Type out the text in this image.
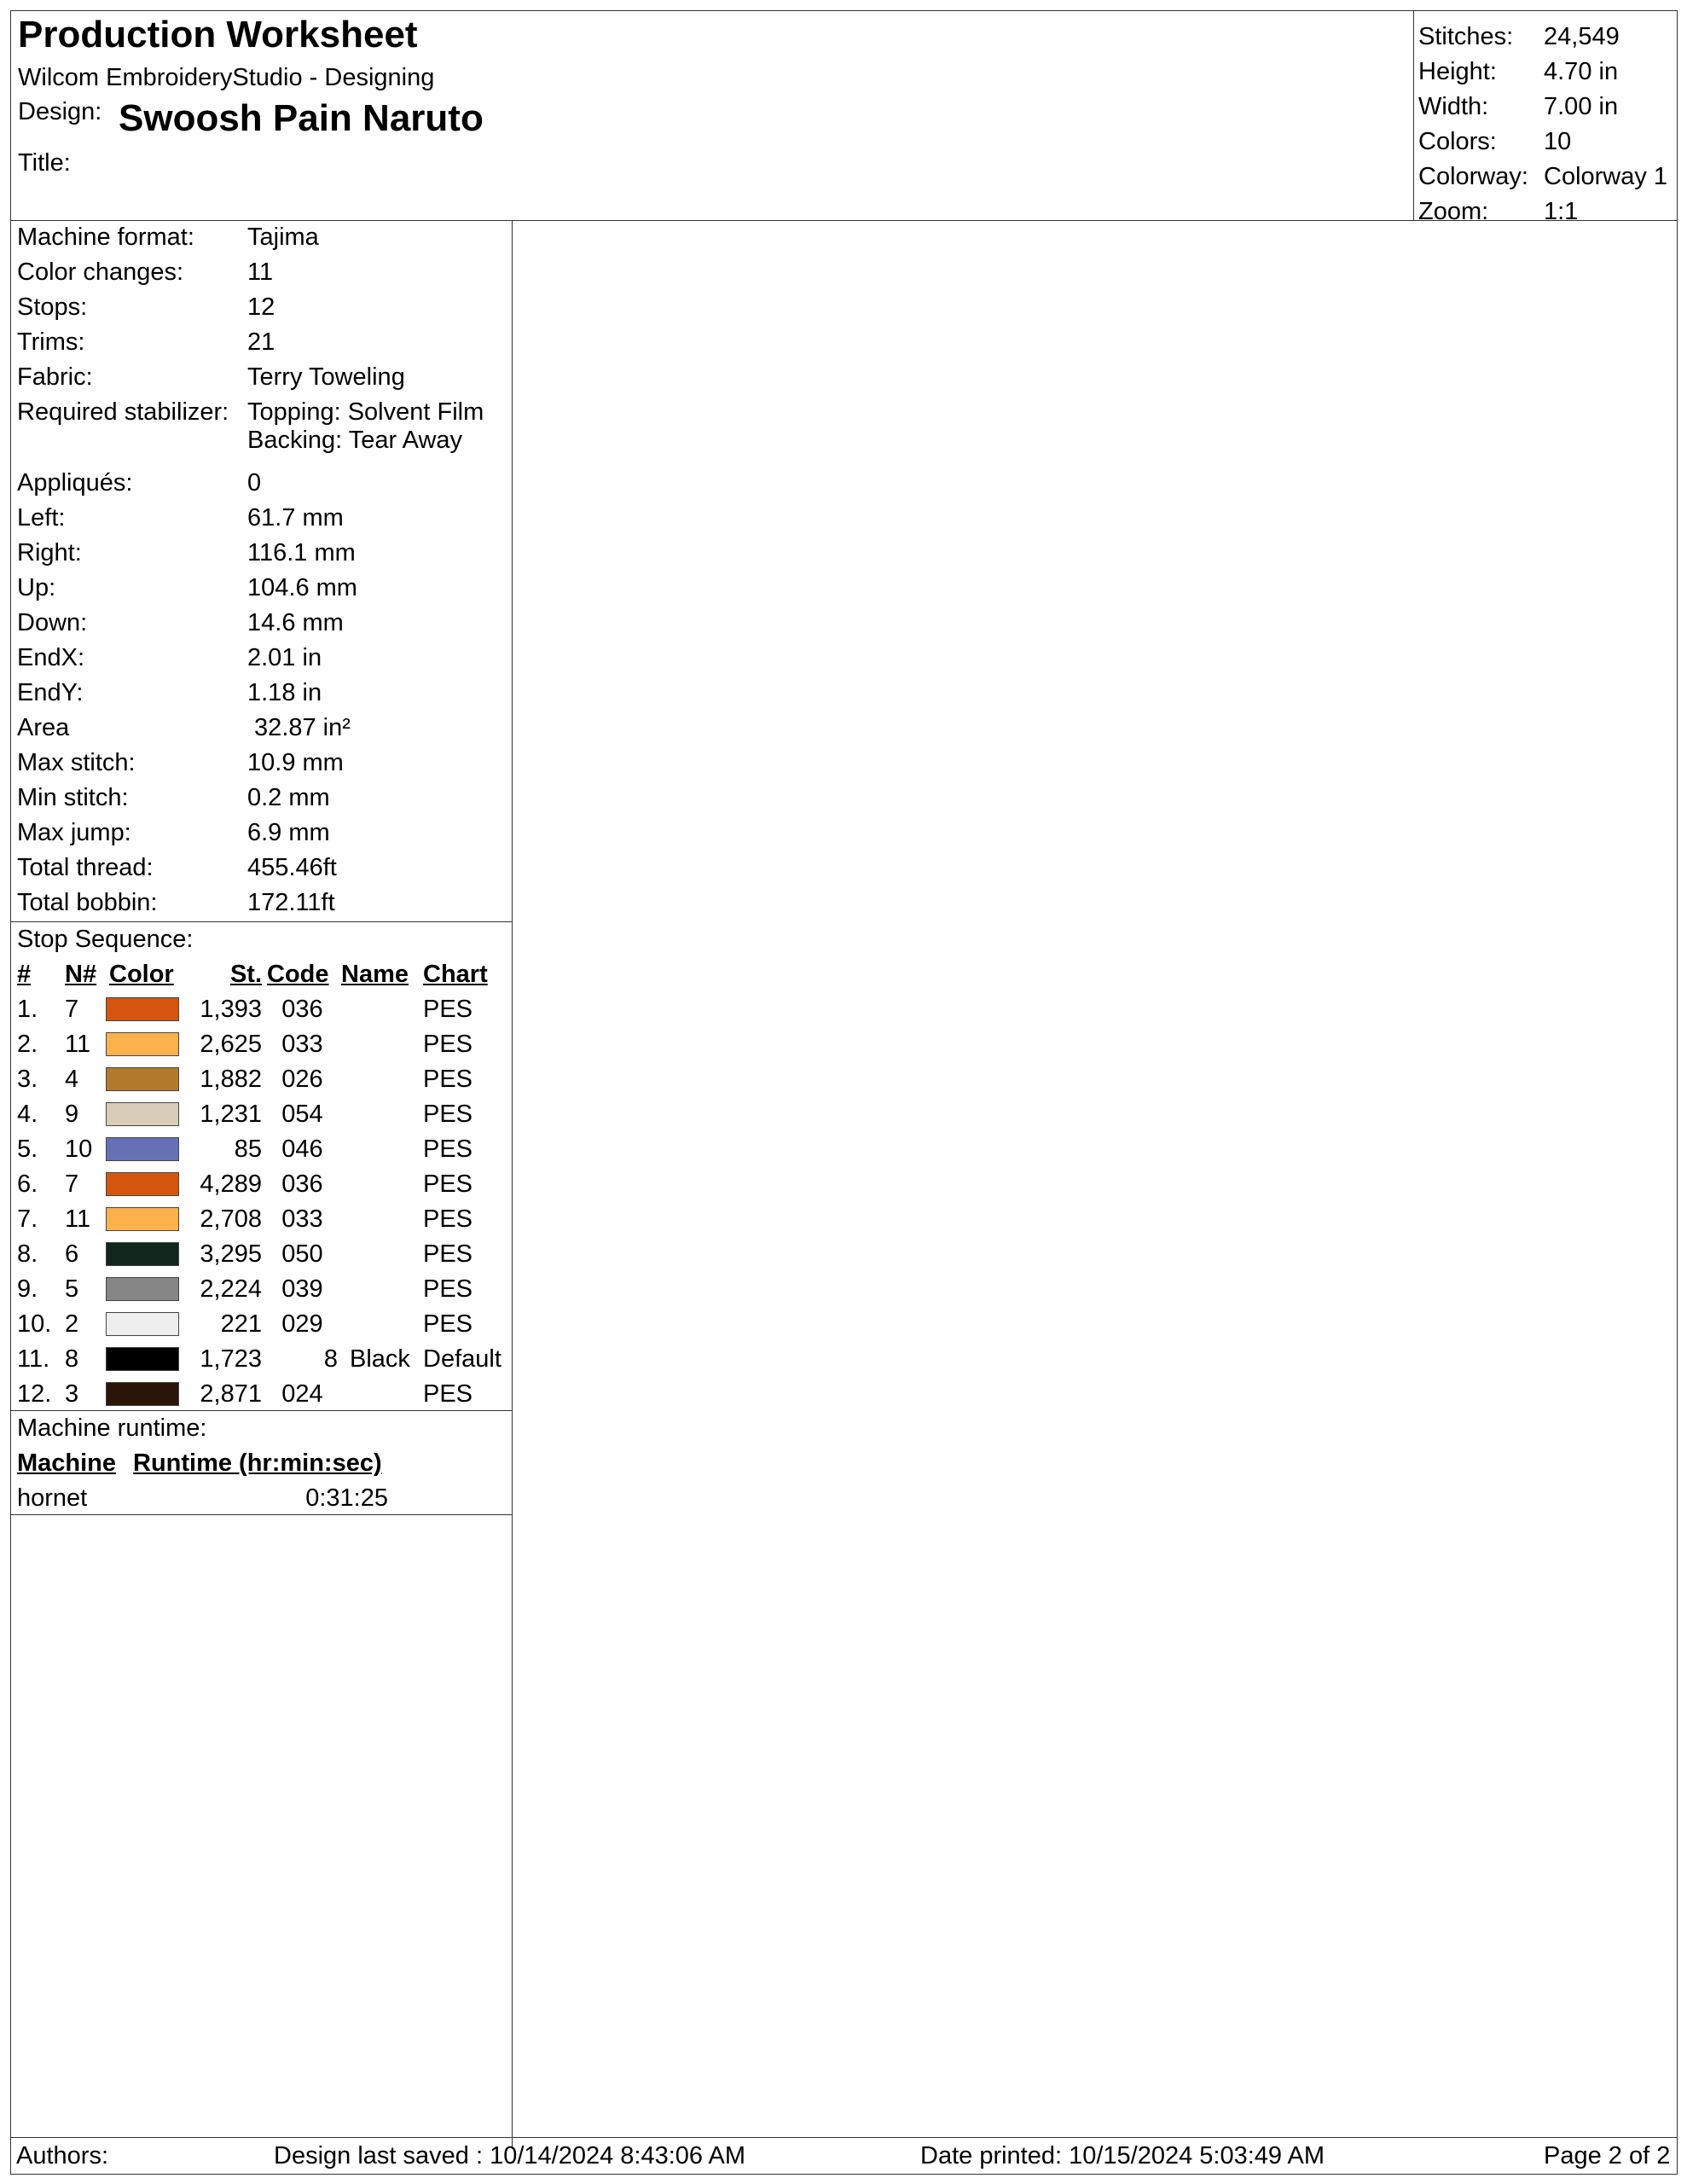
Production Worksheet
Wilcom EmbroideryStudio - Designing
Design: Swoosh Pain Naruto
Title:
Stitches: 24,549
Height: 4.70 in
Width: 7.00 in
Colors: 10
Colorway: Colorway 1
Zoom: 1:1
Machine format: Tajima
Color changes:	11
Stops:	12
Trims:	21
Fabric:	Terry Toweling
Required stabilizer: Topping: Solvent Film
Backing: Tear Away
Appliqués:	0
Left:	61.7 mm
Right:	116.1 mm
Up:	104.6 mm
Down:	14.6 mm
EndX:	2.01 in
EndY:	1.18 in
Area	32.87 in²
Max stitch:	10.9 mm
Min stitch:	0.2 mm
Max jump:	6.9 mm
Total thread:	455.46ft
Total bobbin:	172.11ft
Stop Sequence:
# N# Color	St. Code Name Chart
1. 7	1,393 036	PES
2. 11	2,625 033	PES
3. 4	1,882 026	PES
4. 9	1,231 054	PES
5. 10	85 046	PES
6. 7	4,289 036	PES
7. 11	2,708 033	PES
8. 6	3,295 050	PES
9. 5	2,224 039	PES
10. 2	221 029	PES
11. 8	1,723	8 Black Default
12. 3	2,871 024	PES
Machine runtime:
Machine Runtime (hr:min:sec)
hornet	0:31:25
Authors:	Design last saved : 10/14/2024 8:43:06 AM	Date printed: 10/15/2024 5:03:49 AM	Page 2 of 2
